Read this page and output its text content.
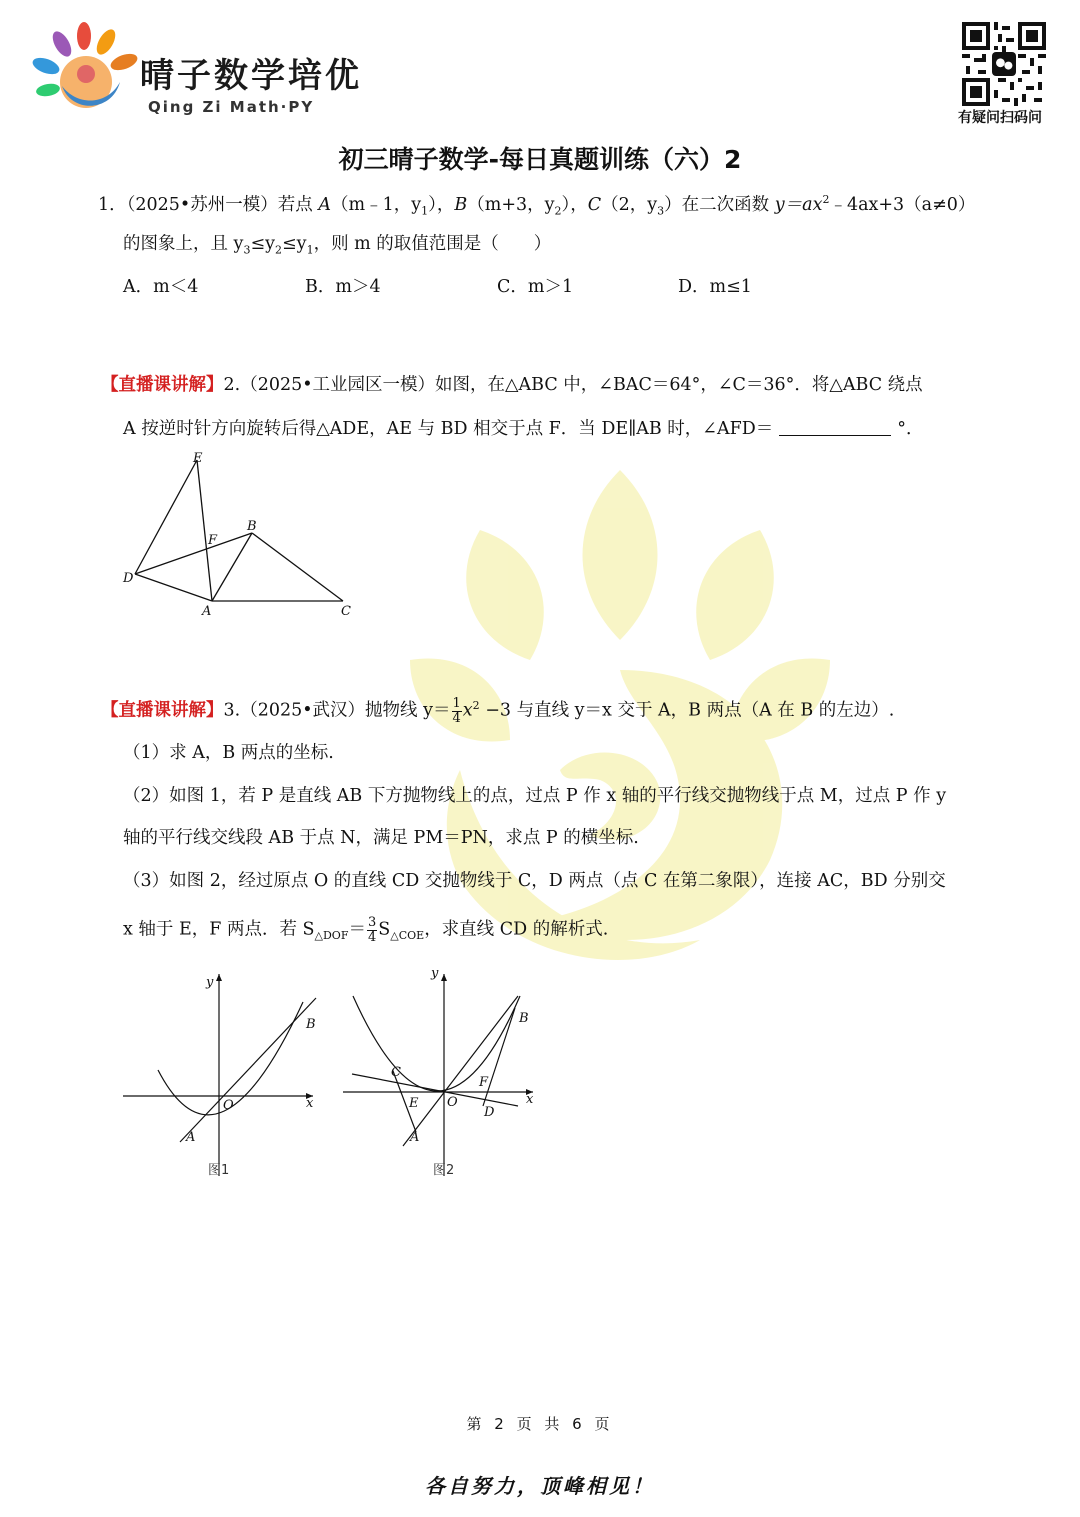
晴子数学培优
Qing Zi Math·PY
有疑问扫码问
初三晴子数学-每日真题训练（六）2
1．（2025•苏州一模）若点 A（m﹣1，$y_1$），B（m+3，$y_2$），C（2，$y_3$）在二次函数 $y=ax^2﹣4ax+3(a\ne 0)$
的图象上，且 $y_3\le y_2\le y_1$，则 m 的取值范围是（　　）
A．m＜4	B．m＞4	C．m＞1	D．m≤1
【直播课讲解】2.（2025•工业园区一模）如图，在△ABC 中，∠BAC＝64°，∠C＝36°．将△ABC 绕点
A 按逆时针方向旋转后得△ADE，AE 与 BD 相交于点 F．当 DE∥AB 时，∠AFD＝	°．
E
B
F
D
A	C
【直播课讲解】3.（2025•武汉）抛物线 $y= \frac{1}{4} x^2 -3$ 与直线 y＝x 交于 A，B 两点（A 在 B 的左边）.
（1）求 A，B 两点的坐标.
（2）如图 1，若 P 是直线 AB 下方抛物线上的点，过点 P 作 x 轴的平行线交抛物线于点 M，过点 P 作 y
轴的平行线交线段 AB 于点 N，满足 PM＝PN，求点 P 的横坐标.
（3）如图 2，经过原点 O 的直线 CD 交抛物线于 C，D 两点（点 C 在第二象限），连接 AC，BD 分别交
x 轴于 E，F 两点．若 $S_{\triangle DOF}= \frac{3}{4} S_{\triangle COE}$，求直线 CD 的解析式.
y
x
O
A
B
图1
y
x
O
A
B
C
D
E
F
图2
第 2 页 共 6 页
各自努力，顶峰相见！
